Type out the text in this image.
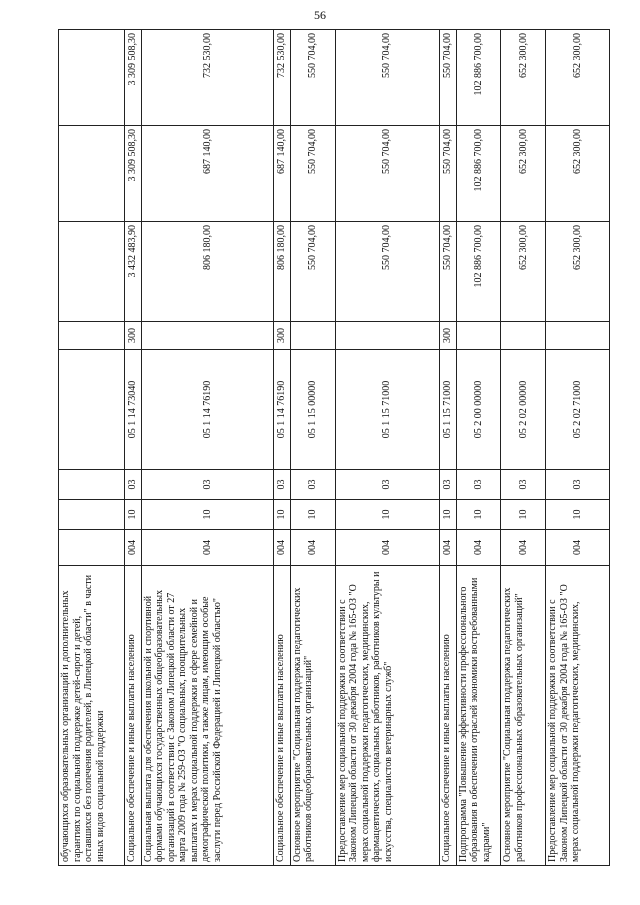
56
обучающихся образовательных организаций и дополнительных гарантиях по социальной поддержке детей-сирот и детей, оставшихся без попечения родителей, в Липецкой области" в части иных видов социальной поддержки								
Социальное обеспечение и иные выплаты населению	004	10	03	05 1 14 73040	300	3 432 483,90	3 309 508,30	3 309 508,30
Социальная выплата для обеспечения школьной и спортивной формами обучающихся государственных общеобразовательных организаций в соответствии с Законом Липецкой области от 27 марта 2009 года № 259-ОЗ "О социальных, поощрительных выплатах и мерах социальной поддержки в сфере семейной и демографической политики, а также лицам, имеющим особые заслуги перед Российской Федерацией и Липецкой областью"	004	10	03	05 1 14 76190		806 180,00	687 140,00	732 530,00
Социальное обеспечение и иные выплаты населению	004	10	03	05 1 14 76190	300	806 180,00	687 140,00	732 530,00
Основное мероприятие "Социальная поддержка педагогических работников общеобразовательных организаций"	004	10	03	05 1 15 00000		550 704,00	550 704,00	550 704,00
Предоставление мер социальной поддержки в соответствии с Законом Липецкой области от 30 декабря 2004 года № 165-ОЗ "О мерах социальной поддержки педагогических, медицинских, фармацевтических, социальных работников, работников культуры и искусства, специалистов ветеринарных служб"	004	10	03	05 1 15 71000		550 704,00	550 704,00	550 704,00
Социальное обеспечение и иные выплаты населению	004	10	03	05 1 15 71000	300	550 704,00	550 704,00	550 704,00
Подпрограмма "Повышение эффективности профессионального образования в обеспечении отраслей экономики востребованными кадрами"	004	10	03	05 2 00 00000		102 886 700,00	102 886 700,00	102 886 700,00
Основное мероприятие "Социальная поддержка педагогических работников профессиональных образовательных организаций"	004	10	03	05 2 02 00000		652 300,00	652 300,00	652 300,00
Предоставление мер социальной поддержки в соответствии с Законом Липецкой области от 30 декабря 2004 года № 165-ОЗ "О мерах социальной поддержки педагогических, медицинских,	004	10	03	05 2 02 71000		652 300,00	652 300,00	652 300,00
